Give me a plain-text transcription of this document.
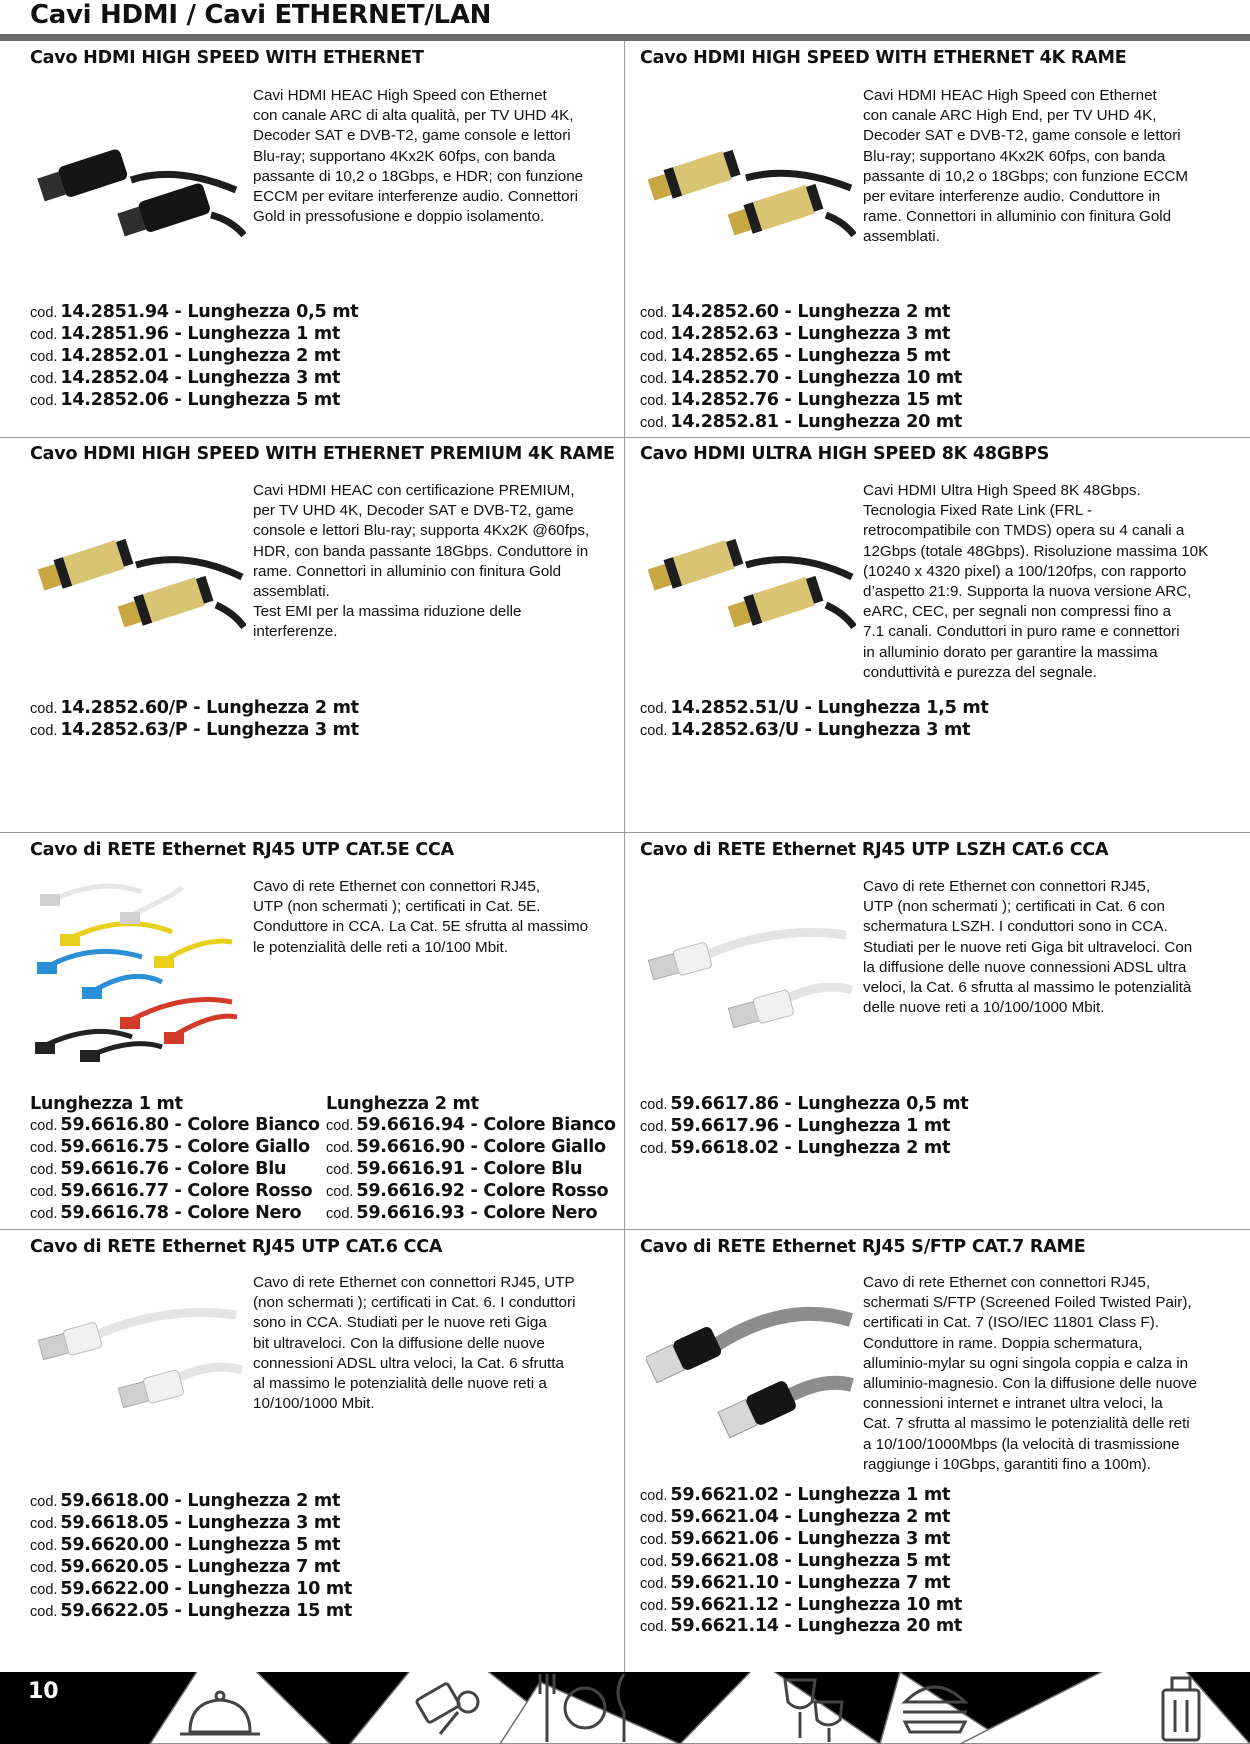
Cavi HDMI / Cavi ETHERNET/LAN
Cavo HDMI HIGH SPEED WITH ETHERNET

Cavi HDMI HEAC High Speed con Ethernet
con canale ARC di alta qualità, per TV UHD 4K,
Decoder SAT e DVB-T2, game console e lettori
Blu-ray; supportano 4Kx2K 60fps, con banda
passante di 10,2 o 18Gbps, e HDR; con funzione
ECCM per evitare interferenze audio. Connettori
Gold in pressofusione e doppio isolamento.

cod. 14.2851.94 - Lunghezza 0,5 mt
cod. 14.2851.96 - Lunghezza 1 mt
cod. 14.2852.01 - Lunghezza 2 mt
cod. 14.2852.04 - Lunghezza 3 mt
cod. 14.2852.06 - Lunghezza 5 mt
Cavo HDMI HIGH SPEED WITH ETHERNET 4K RAME

Cavi HDMI HEAC High Speed con Ethernet
con canale ARC High End, per TV UHD 4K,
Decoder SAT e DVB-T2, game console e lettori
Blu-ray; supportano 4Kx2K 60fps, con banda
passante di 10,2 o 18Gbps; con funzione ECCM
per evitare interferenze audio. Conduttore in
rame. Connettori in alluminio con finitura Gold
assemblati.

cod. 14.2852.60 - Lunghezza 2 mt
cod. 14.2852.63 - Lunghezza 3 mt
cod. 14.2852.65 - Lunghezza 5 mt
cod. 14.2852.70 - Lunghezza 10 mt
cod. 14.2852.76 - Lunghezza 15 mt
cod. 14.2852.81 - Lunghezza 20 mt
Cavo HDMI HIGH SPEED WITH ETHERNET PREMIUM 4K RAME

Cavi HDMI HEAC con certificazione PREMIUM,
per TV UHD 4K, Decoder SAT e DVB-T2, game
console e lettori Blu-ray; supporta 4Kx2K @60fps,
HDR, con banda passante 18Gbps. Conduttore in
rame. Connettori in alluminio con finitura Gold
assemblati.
Test EMI per la massima riduzione delle
interferenze.

cod. 14.2852.60/P - Lunghezza 2 mt
cod. 14.2852.63/P - Lunghezza 3 mt
Cavo HDMI ULTRA HIGH SPEED 8K 48GBPS

Cavi HDMI Ultra High Speed 8K 48Gbps.
Tecnologia Fixed Rate Link (FRL -
retrocompatibile con TMDS) opera su 4 canali a
12Gbps (totale 48Gbps). Risoluzione massima 10K
(10240 x 4320 pixel) a 100/120fps, con rapporto
d’aspetto 21:9. Supporta la nuova versione ARC,
eARC, CEC, per segnali non compressi fino a
7.1 canali. Conduttori in puro rame e connettori
in alluminio dorato per garantire la massima
conduttività e purezza del segnale.

cod. 14.2852.51/U - Lunghezza 1,5 mt
cod. 14.2852.63/U - Lunghezza 3 mt
Cavo di RETE Ethernet RJ45 UTP CAT.5E CCA

Cavo di rete Ethernet con connettori RJ45,
UTP (non schermati ); certificati in Cat. 5E.
Conduttore in CCA. La Cat. 5E sfrutta al massimo
le potenzialità delle reti a 10/100 Mbit.

Lunghezza 1 mt
cod. 59.6616.80 - Colore Bianco
cod. 59.6616.75 - Colore Giallo
cod. 59.6616.76 - Colore Blu
cod. 59.6616.77 - Colore Rosso
cod. 59.6616.78 - Colore Nero
Lunghezza 2 mt
cod. 59.6616.94 - Colore Bianco
cod. 59.6616.90 - Colore Giallo
cod. 59.6616.91 - Colore Blu
cod. 59.6616.92 - Colore Rosso
cod. 59.6616.93 - Colore Nero
Cavo di RETE Ethernet RJ45 UTP LSZH CAT.6 CCA

Cavo di rete Ethernet con connettori RJ45,
UTP (non schermati ); certificati in Cat. 6 con
schermatura LSZH. I conduttori sono in CCA.
Studiati per le nuove reti Giga bit ultraveloci. Con
la diffusione delle nuove connessioni ADSL ultra
veloci, la Cat. 6 sfrutta al massimo le potenzialità
delle nuove reti a 10/100/1000 Mbit.

cod. 59.6617.86 - Lunghezza 0,5 mt
cod. 59.6617.96 - Lunghezza 1 mt
cod. 59.6618.02 - Lunghezza 2 mt
Cavo di RETE Ethernet RJ45 UTP CAT.6 CCA

Cavo di rete Ethernet con connettori RJ45, UTP
(non schermati ); certificati in Cat. 6. I conduttori
sono in CCA. Studiati per le nuove reti Giga
bit ultraveloci. Con la diffusione delle nuove
connessioni ADSL ultra veloci, la Cat. 6 sfrutta
al massimo le potenzialità delle nuove reti a
10/100/1000 Mbit.

cod. 59.6618.00 - Lunghezza 2 mt
cod. 59.6618.05 - Lunghezza 3 mt
cod. 59.6620.00 - Lunghezza 5 mt
cod. 59.6620.05 - Lunghezza 7 mt
cod. 59.6622.00 - Lunghezza 10 mt
cod. 59.6622.05 - Lunghezza 15 mt
Cavo di RETE Ethernet RJ45 S/FTP CAT.7 RAME

Cavo di rete Ethernet con connettori RJ45,
schermati S/FTP (Screened Foiled Twisted Pair),
certificati in Cat. 7 (ISO/IEC 11801 Class F).
Conduttore in rame. Doppia schermatura,
alluminio-mylar su ogni singola coppia e calza in
alluminio-magnesio. Con la diffusione delle nuove
connessioni internet e intranet ultra veloci, la
Cat. 7 sfrutta al massimo le potenzialità delle reti
a 10/100/1000Mbps (la velocità di trasmissione
raggiunge i 10Gbps, garantiti fino a 100m).

cod. 59.6621.02 - Lunghezza 1 mt
cod. 59.6621.04 - Lunghezza 2 mt
cod. 59.6621.06 - Lunghezza 3 mt
cod. 59.6621.08 - Lunghezza 5 mt
cod. 59.6621.10 - Lunghezza 7 mt
cod. 59.6621.12 - Lunghezza 10 mt
cod. 59.6621.14 - Lunghezza 20 mt
10
